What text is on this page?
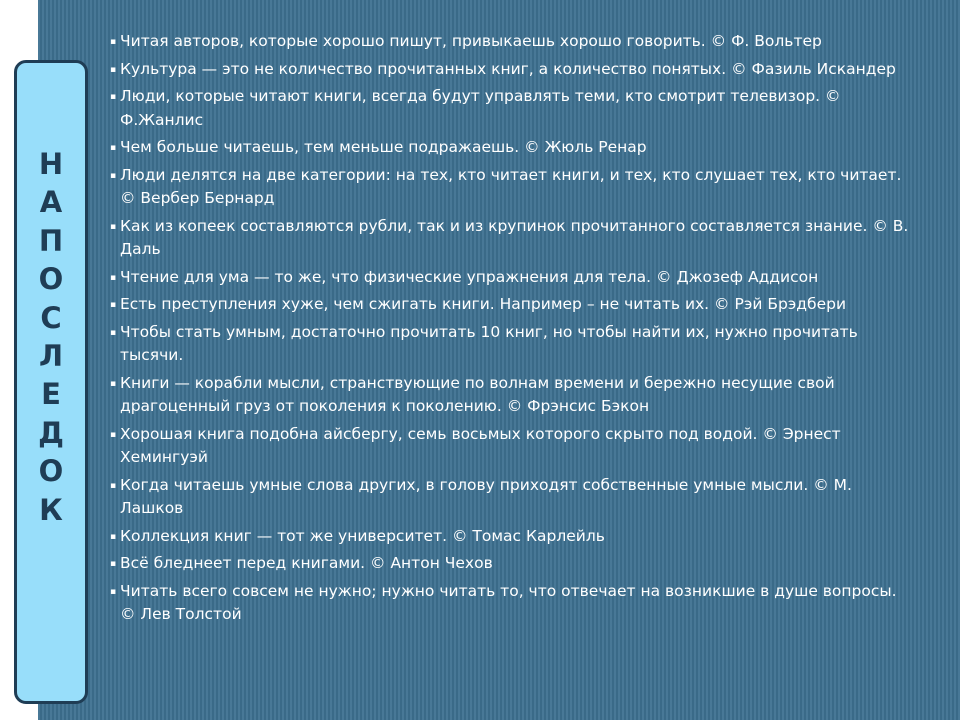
Н
А
П
О
С
Л
Е
Д
О
К
▪ Читая авторов, которые хорошо пишут, привыкаешь хорошо говорить. © Ф. Вольтер
▪ Культура — это не количество прочитанных книг, а количество понятых. © Фазиль Искандер
▪ Люди, которые читают книги, всегда будут управлять теми, кто смотрит телевизор. © Ф.Жанлис
▪ Чем больше читаешь, тем меньше подражаешь. © Жюль Ренар
▪ Люди делятся на две категории: на тех, кто читает книги, и тех, кто слушает тех, кто читает. © Вербер Бернард
▪ Как из копеек составляются рубли, так и из крупинок прочитанного составляется знание. © В. Даль
▪ Чтение для ума — то же, что физические упражнения для тела. © Джозеф Аддисон
▪ Есть преступления хуже, чем сжигать книги. Например – не читать их. © Рэй Брэдбери
▪ Чтобы стать умным, достаточно прочитать 10 книг, но чтобы найти их, нужно прочитать тысячи.
▪ Книги — корабли мысли, странствующие по волнам времени и бережно несущие свой драгоценный груз от поколения к поколению. © Фрэнсис Бэкон
▪ Хорошая книга подобна айсбергу, семь восьмых которого скрыто под водой. © Эрнест Хемингуэй
▪ Когда читаешь умные слова других, в голову приходят собственные умные мысли. © М. Лашков
▪ Коллекция книг — тот же университет. © Томас Карлейль
▪ Всё бледнеет перед книгами. © Антон Чехов
▪ Читать всего совсем не нужно; нужно читать то, что отвечает на возникшие в душе вопросы. © Лев Толстой
